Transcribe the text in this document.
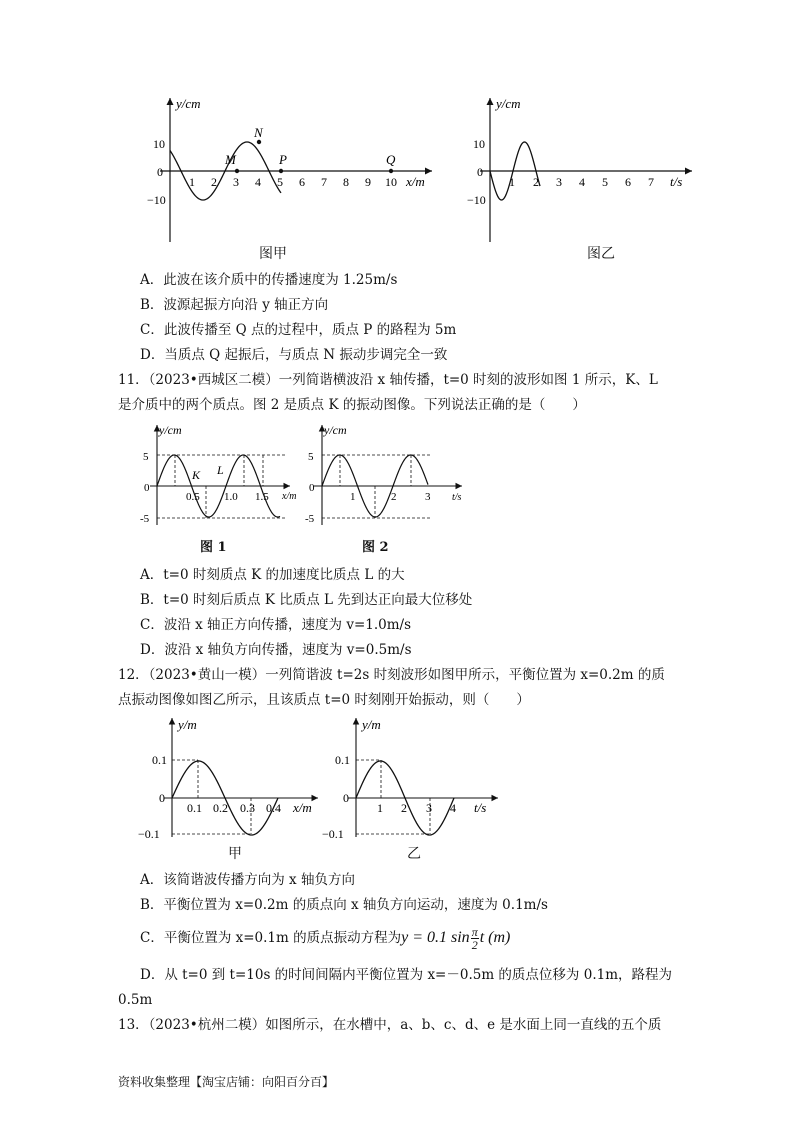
y/cm
10
0
−10
1 2 3 4 5 6 7 8 9 10 x/m
N
M	P	Q
图甲
y/cm
10
0
−10
1 2 3 4 5 6 7 t/s
图乙
A．此波在该介质中的传播速度为 1.25m/s
B．波源起振方向沿 y 轴正方向
C．此波传播至 Q 点的过程中，质点 P 的路程为 5m
D．当质点 Q 起振后，与质点 N 振动步调完全一致
11．（2023•西城区二模）一列简谐横波沿 x 轴传播，t=0 时刻的波形如图 1 所示，K、L
是介质中的两个质点。图 2 是质点 K 的振动图像。下列说法正确的是（　　）
y/cm
5
0
-5
0.5 1.0 1.5 x/m
K L
图 1
y/cm
5
0
-5
1	2	3 t/s
图 2
A．t=0 时刻质点 K 的加速度比质点 L 的大
B．t=0 时刻后质点 K 比质点 L 先到达正向最大位移处
C．波沿 x 轴正方向传播，速度为 v=1.0m/s
D．波沿 x 轴负方向传播，速度为 v=0.5m/s
12．（2023•黄山一模）一列简谐波 t=2s 时刻波形如图甲所示，平衡位置为 x=0.2m 的质
点振动图像如图乙所示，且该质点 t=0 时刻刚开始振动，则（　　）
y/m
0.1
0
−0.1
0.1 0.2 0.3 0.4 x/m
甲
y/m
0.1
0
−0.1
1 2 3 4 t/s
乙
A．该简谐波传播方向为 x 轴负方向
B．平衡位置为 x=0.2m 的质点向 x 轴负方向运动，速度为 0.1m/s
C．平衡位置为 x=0.1m 的质点振动方程为y = 0.1 $\sin \frac{\pi}{2}$ t (m)
D．从 t=0 到 t=10s 的时间间隔内平衡位置为 x=－0.5m 的质点位移为 0.1m，路程为
0.5m
13．（2023•杭州二模）如图所示，在水槽中，a、b、c、d、e 是水面上同一直线的五个质
资料收集整理【淘宝店铺：向阳百分百】
